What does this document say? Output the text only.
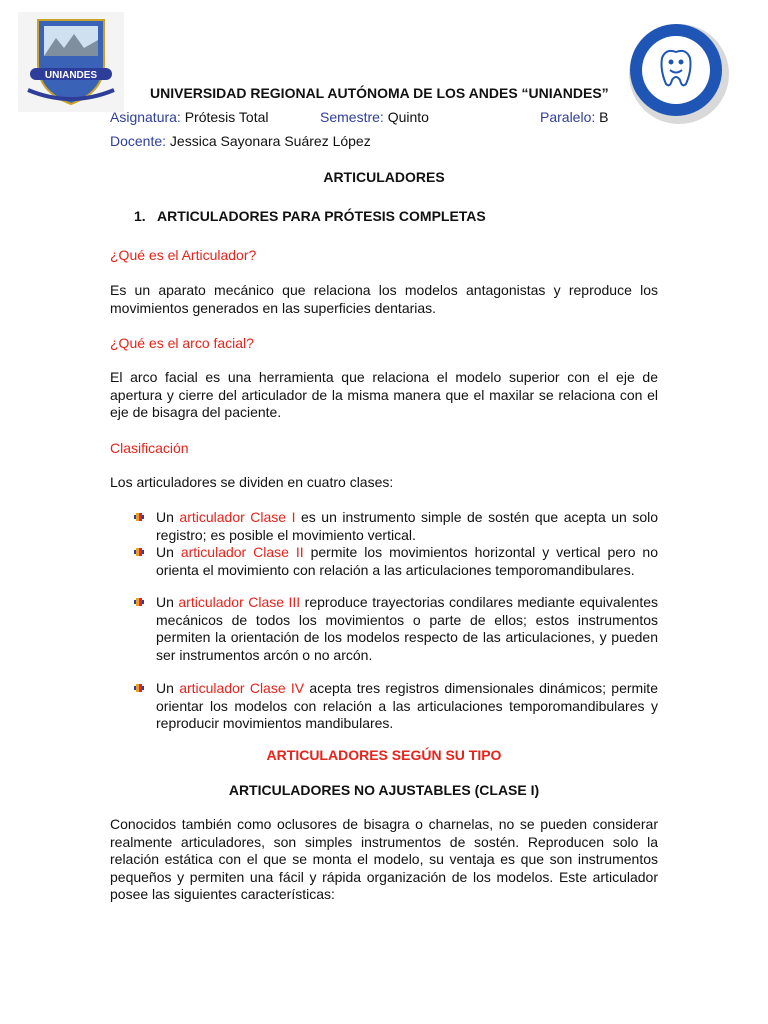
UNIANDES
UNIVERSIDAD REGIONAL AUTÓNOMA DE LOS ANDES “UNIANDES”
Asignatura: Prótesis Total	Semestre: Quinto	Paralelo: B
Docente: Jessica Sayonara Suárez López
ARTICULADORES
1. ARTICULADORES PARA PRÓTESIS COMPLETAS
¿Qué es el Articulador?
Es un aparato mecánico que relaciona los modelos antagonistas y reproduce los movimientos generados en las superficies dentarias.
¿Qué es el arco facial?
El arco facial es una herramienta que relaciona el modelo superior con el eje de apertura y cierre del articulador de la misma manera que el maxilar se relaciona con el eje de bisagra del paciente.
Clasificación
Los articuladores se dividen en cuatro clases:
Un articulador Clase I es un instrumento simple de sostén que acepta un solo registro; es posible el movimiento vertical.
Un articulador Clase II permite los movimientos horizontal y vertical pero no orienta el movimiento con relación a las articulaciones temporomandibulares.
Un articulador Clase III reproduce trayectorias condilares mediante equivalentes mecánicos de todos los movimientos o parte de ellos; estos instrumentos permiten la orientación de los modelos respecto de las articulaciones, y pueden ser instrumentos arcón o no arcón.
Un articulador Clase IV acepta tres registros dimensionales dinámicos; permite orientar los modelos con relación a las articulaciones temporomandibulares y reproducir movimientos mandibulares.
ARTICULADORES SEGÚN SU TIPO
ARTICULADORES NO AJUSTABLES (CLASE I)
Conocidos también como oclusores de bisagra o charnelas, no se pueden considerar realmente articuladores, son simples instrumentos de sostén. Reproducen solo la relación estática con el que se monta el modelo, su ventaja es que son instrumentos pequeños y permiten una fácil y rápida organización de los modelos. Este articulador posee las siguientes características:
